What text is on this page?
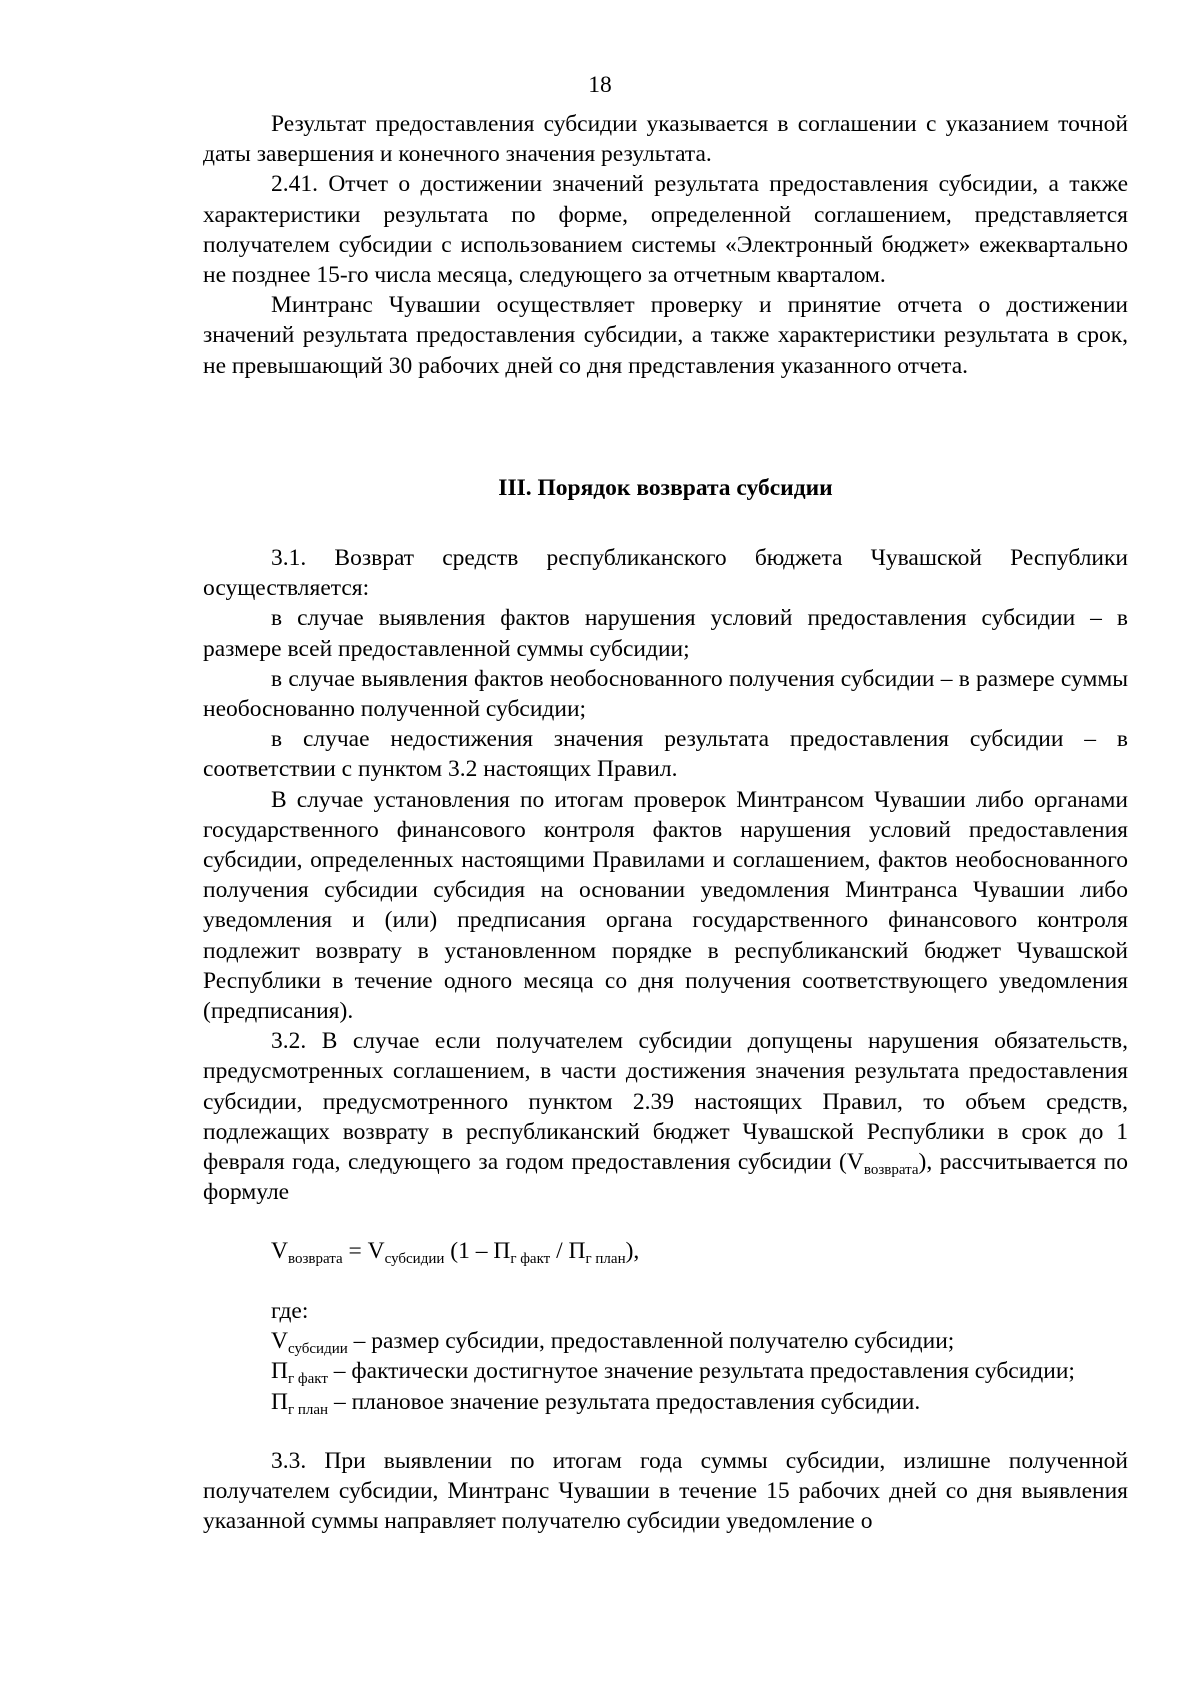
18

Результат предоставления субсидии указывается в соглашении с указанием точной даты завершения и конечного значения результата.

2.41. Отчет о достижении значений результата предоставления субсидии, а также характеристики результата по форме, определенной соглашением, представляется получателем субсидии с использованием системы «Электронный бюджет» ежеквартально не позднее 15-го числа месяца, следующего за отчетным кварталом.

Минтранс Чувашии осуществляет проверку и принятие отчета о достижении значений результата предоставления субсидии, а также характеристики результата в срок, не превышающий 30 рабочих дней со дня представления указанного отчета.

III. Порядок возврата субсидии

3.1. Возврат средств республиканского бюджета Чувашской Республики осуществляется:

в случае выявления фактов нарушения условий предоставления субсидии – в размере всей предоставленной суммы субсидии;

в случае выявления фактов необоснованного получения субсидии – в размере суммы необоснованно полученной субсидии;

в случае недостижения значения результата предоставления субсидии – в соответствии с пунктом 3.2 настоящих Правил.

В случае установления по итогам проверок Минтрансом Чувашии либо органами государственного финансового контроля фактов нарушения условий предоставления субсидии, определенных настоящими Правилами и соглашением, фактов необоснованного получения субсидии субсидия на основании уведомления Минтранса Чувашии либо уведомления и (или) предписания органа государственного финансового контроля подлежит возврату в установленном порядке в республиканский бюджет Чувашской Республики в течение одного месяца со дня получения соответствующего уведомления (предписания).

3.2. В случае если получателем субсидии допущены нарушения обязательств, предусмотренных соглашением, в части достижения значения результата предоставления субсидии, предусмотренного пунктом 2.39 настоящих Правил, то объем средств, подлежащих возврату в республиканский бюджет Чувашской Республики в срок до 1 февраля года, следующего за годом предоставления субсидии $(V_{возврата})$, рассчитывается по формуле

$V_{возврата} = V_{субсидии}$ $(1 - П_{г факт} / П_{г план})$,

где:

$V_{субсидии}$ – размер субсидии, предоставленной получателю субсидии;

$П_{г факт}$ – фактически достигнутое значение результата предоставления субсидии;

$П_{г план}$ – плановое значение результата предоставления субсидии.

3.3. При выявлении по итогам года суммы субсидии, излишне полученной получателем субсидии, Минтранс Чувашии в течение 15 рабочих дней со дня выявления указанной суммы направляет получателю субсидии уведомление о
